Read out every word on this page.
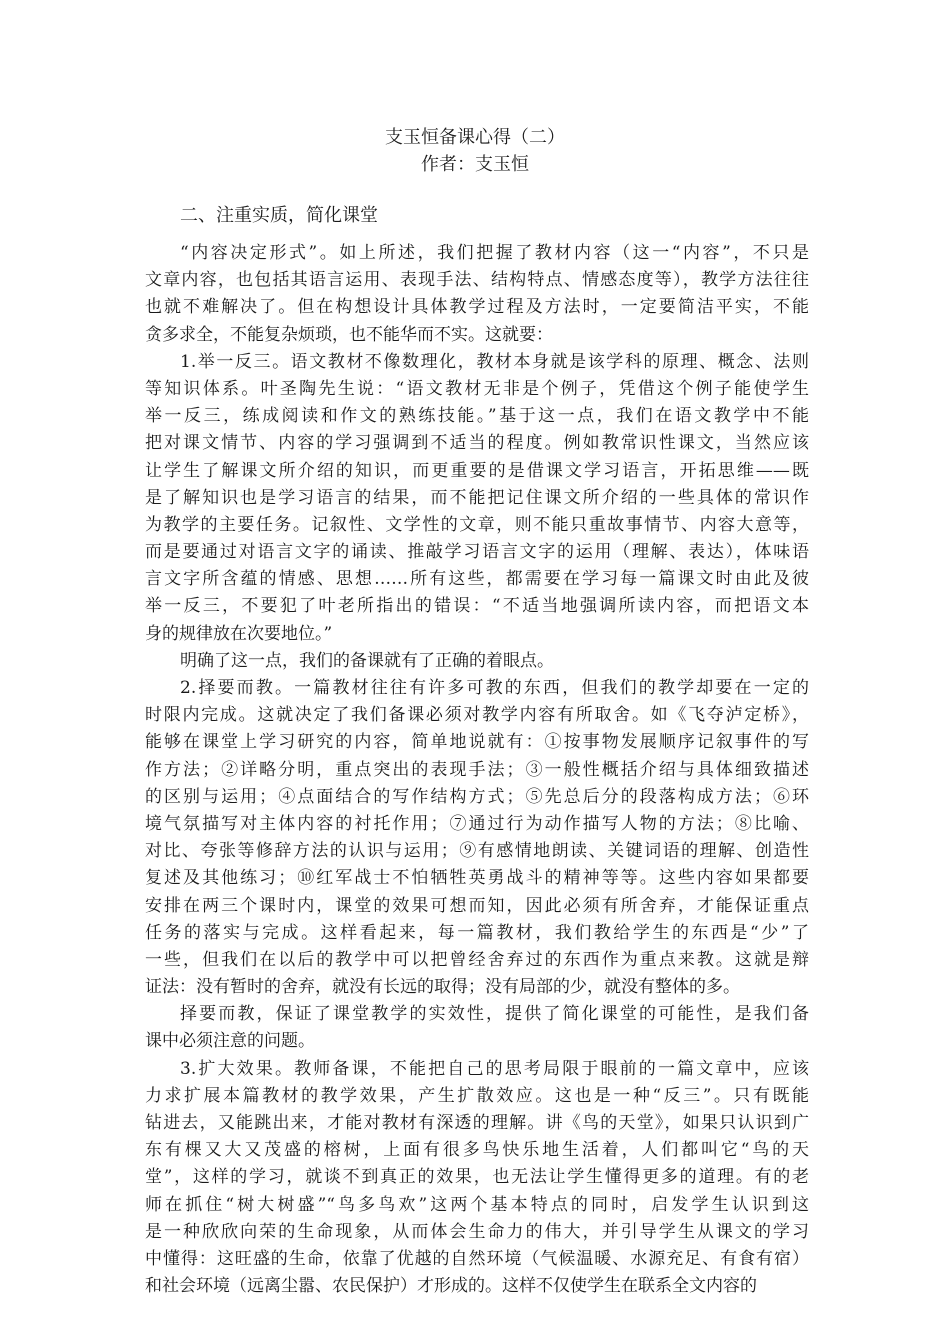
支玉恒备课心得（二）
作者：支玉恒
二、注重实质，简化课堂
“内容决定形式”。如上所述，我们把握了教材内容（这一“内容”，不只是
文章内容，也包括其语言运用、表现手法、结构特点、情感态度等），教学方法往往
也就不难解决了。但在构想设计具体教学过程及方法时，一定要简洁平实，不能
贪多求全，不能复杂烦琐，也不能华而不实。这就要：
1.举一反三。语文教材不像数理化，教材本身就是该学科的原理、概念、法则
等知识体系。叶圣陶先生说：“语文教材无非是个例子，凭借这个例子能使学生
举一反三，练成阅读和作文的熟练技能。”基于这一点，我们在语文教学中不能
把对课文情节、内容的学习强调到不适当的程度。例如教常识性课文，当然应该
让学生了解课文所介绍的知识，而更重要的是借课文学习语言，开拓思维——既
是了解知识也是学习语言的结果，而不能把记住课文所介绍的一些具体的常识作
为教学的主要任务。记叙性、文学性的文章，则不能只重故事情节、内容大意等，
而是要通过对语言文字的诵读、推敲学习语言文字的运用（理解、表达），体味语
言文字所含蕴的情感、思想……所有这些，都需要在学习每一篇课文时由此及彼
举一反三，不要犯了叶老所指出的错误：“不适当地强调所读内容，而把语文本
身的规律放在次要地位。”
明确了这一点，我们的备课就有了正确的着眼点。
2.择要而教。一篇教材往往有许多可教的东西，但我们的教学却要在一定的
时限内完成。这就决定了我们备课必须对教学内容有所取舍。如《飞夺泸定桥》，
能够在课堂上学习研究的内容，简单地说就有：①按事物发展顺序记叙事件的写
作方法；②详略分明，重点突出的表现手法；③一般性概括介绍与具体细致描述
的区别与运用；④点面结合的写作结构方式；⑤先总后分的段落构成方法；⑥环
境气氛描写对主体内容的衬托作用；⑦通过行为动作描写人物的方法；⑧比喻、
对比、夸张等修辞方法的认识与运用；⑨有感情地朗读、关键词语的理解、创造性
复述及其他练习；⑩红军战士不怕牺牲英勇战斗的精神等等。这些内容如果都要
安排在两三个课时内，课堂的效果可想而知，因此必须有所舍弃，才能保证重点
任务的落实与完成。这样看起来，每一篇教材，我们教给学生的东西是“少”了
一些，但我们在以后的教学中可以把曾经舍弃过的东西作为重点来教。这就是辩
证法：没有暂时的舍弃，就没有长远的取得；没有局部的少，就没有整体的多。
择要而教，保证了课堂教学的实效性，提供了简化课堂的可能性，是我们备
课中必须注意的问题。
3.扩大效果。教师备课，不能把自己的思考局限于眼前的一篇文章中，应该
力求扩展本篇教材的教学效果，产生扩散效应。这也是一种“反三”。只有既能
钻进去，又能跳出来，才能对教材有深透的理解。讲《鸟的天堂》，如果只认识到广
东有棵又大又茂盛的榕树，上面有很多鸟快乐地生活着，人们都叫它“鸟的天
堂”，这样的学习，就谈不到真正的效果，也无法让学生懂得更多的道理。有的老
师在抓住“树大树盛”“鸟多鸟欢”这两个基本特点的同时，启发学生认识到这
是一种欣欣向荣的生命现象，从而体会生命力的伟大，并引导学生从课文的学习
中懂得：这旺盛的生命，依靠了优越的自然环境（气候温暖、水源充足、有食有宿）
和社会环境（远离尘嚣、农民保护）才形成的。这样不仅使学生在联系全文内容的
